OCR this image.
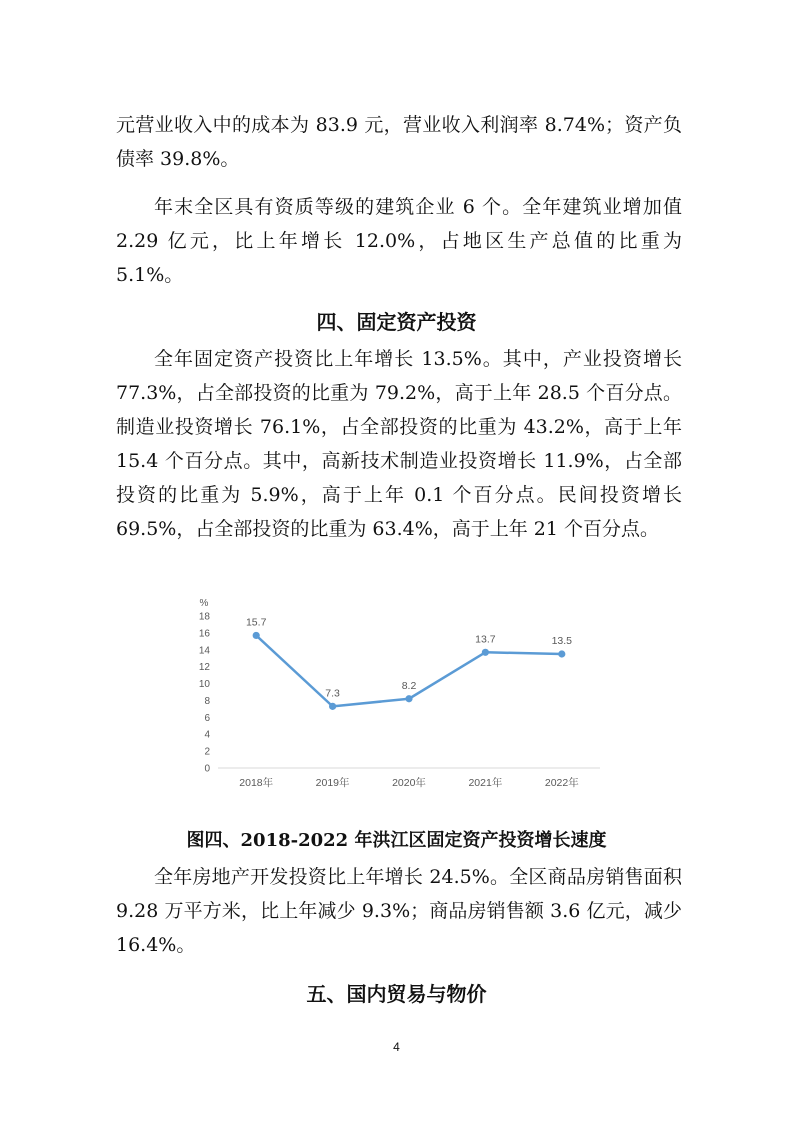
元营业收入中的成本为 83.9 元，营业收入利润率 8.74%；资产负债率 39.8%。

年末全区具有资质等级的建筑企业 6 个。全年建筑业增加值 2.29 亿元，比上年增长 12.0%，占地区生产总值的比重为 5.1%。

四、固定资产投资

全年固定资产投资比上年增长 13.5%。其中，产业投资增长 77.3%，占全部投资的比重为 79.2%，高于上年 28.5 个百分点。制造业投资增长 76.1%，占全部投资的比重为 43.2%，高于上年 15.4 个百分点。其中，高新技术制造业投资增长 11.9%，占全部投资的比重为 5.9%，高于上年 0.1 个百分点。民间投资增长 69.5%，占全部投资的比重为 63.4%，高于上年 21 个百分点。

%
0
2
4
6
8
10
12
14
16
18
2018年	2019年	2020年	2021年	2022年
15.7
7.3
8.2
13.7	13.5

图四、2018-2022 年洪江区固定资产投资增长速度

全年房地产开发投资比上年增长 24.5%。全区商品房销售面积 9.28 万平方米，比上年减少 9.3%；商品房销售额 3.6 亿元，减少 16.4%。

五、国内贸易与物价
4
